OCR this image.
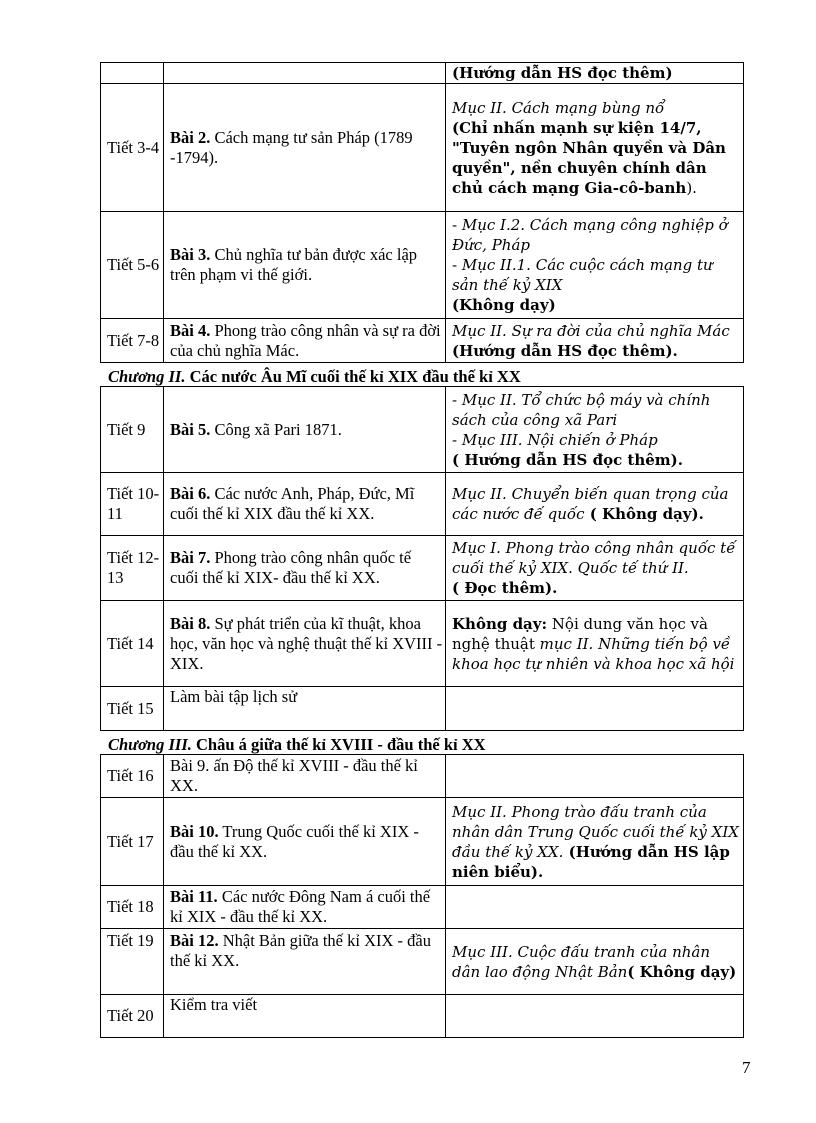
		(Hướng dẫn HS đọc thêm)
Tiết 3-4	Bài 2. Cách mạng tư sản Pháp (1789 -1794).	Mục II. Cách mạng bùng nổ
(Chỉ nhấn mạnh sự kiện 14/7, "Tuyên ngôn Nhân quyền và Dân quyền", nền chuyên chính dân chủ cách mạng Gia-cô-banh).
Tiết 5-6	Bài 3. Chủ nghĩa tư bản được xác lập trên phạm vi thế giới.	- Mục I.2. Cách mạng công nghiệp ở Đức, Pháp
- Mục II.1. Các cuộc cách mạng tư sản thế kỷ XIX
(Không dạy)
Tiết 7-8	Bài 4. Phong trào công nhân và sự ra đời của chủ nghĩa Mác.	Mục II. Sự ra đời của chủ nghĩa Mác (Hướng dẫn HS đọc thêm).
Chương II. Các nước Âu Mĩ cuối thế kỉ XIX đầu thế kỉ XX
Tiết 9	Bài 5. Công xã Pari 1871.	- Mục II. Tổ chức bộ máy và chính sách của công xã Pari
- Mục III. Nội chiến ở Pháp
( Hướng dẫn HS đọc thêm).
Tiết 10-11	Bài 6. Các nước Anh, Pháp, Đức, Mĩ cuối thế kỉ XIX đầu thế kỉ XX.	Mục II. Chuyển biến quan trọng của các nước đế quốc ( Không dạy).
Tiết 12-13	Bài 7. Phong trào công nhân quốc tế cuối thế kỉ XIX- đầu thế kỉ XX.	Mục I. Phong trào công nhân quốc tế cuối thế kỷ XIX. Quốc tế thứ II.
( Đọc thêm).
Tiết 14	Bài 8. Sự phát triển của kĩ thuật, khoa học, văn học và nghệ thuật thế kỉ XVIII - XIX.	Không dạy: Nội dung văn học và nghệ thuật mục II. Những tiến bộ về khoa học tự nhiên và khoa học xã hội
Tiết 15	Làm bài tập lịch sử	
Chương III. Châu á giữa thế kỉ XVIII - đầu thế kỉ XX
Tiết 16	Bài 9. ấn Độ thế kỉ XVIII - đầu thế kỉ XX.	
Tiết 17	Bài 10. Trung Quốc cuối thế kỉ XIX - đầu thế kỉ XX.	Mục II. Phong trào đấu tranh của nhân dân Trung Quốc cuối thế kỷ XIX đầu thế kỷ XX. (Hướng dẫn HS lập niên biểu).
Tiết 18	Bài 11. Các nước Đông Nam á cuối thế kỉ XIX - đầu thế kỉ XX.	
Tiết 19	Bài 12. Nhật Bản giữa thế kỉ XIX - đầu thế kỉ XX.	Mục III. Cuộc đấu tranh của nhân dân lao động Nhật Bản( Không dạy)
Tiết 20	Kiểm tra viết	
7
